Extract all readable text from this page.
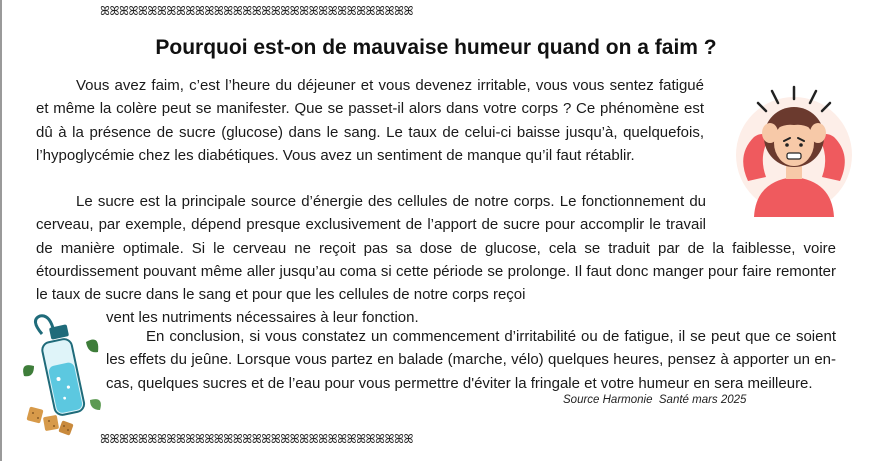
ꕤꕤꕤꕤꕤꕤꕤꕤꕤꕤꕤꕤꕤꕤꕤꕤꕤꕤꕤꕤꕤꕤꕤꕤꕤꕤꕤꕤꕤꕤꕤꕤꕤ
Pourquoi est-on de mauvaise humeur quand on a faim ?

Vous avez faim, c’est l’heure du déjeuner et vous devenez irritable, vous vous sentez fatigué et même la colère peut se manifester. Que se passet-il alors dans votre corps ? Ce phénomène est dû à la présence de sucre (glucose) dans le sang. Le taux de celui-ci baisse jusqu’à, quelquefois, l’hypoglycémie chez les diabétiques. Vous avez un sentiment de manque qu’il faut rétablir.

Le sucre est la principale source d’énergie des cellules de notre corps. Le fonctionnement du cerveau, par exemple, dépend presque exclusivement de l’apport de sucre pour accomplir le travail de manière optimale. Si le cerveau ne reçoit pas sa dose de glucose, cela se traduit par de la faiblesse, voire étourdissement pouvant même aller jusqu’au coma si cette période se prolonge. Il faut donc manger pour faire remonter le taux de sucre dans le sang et pour que les cellules de notre corps reçoi
vent les nutriments nécessaires à leur fonction.

En conclusion, si vous constatez un commencement d’irritabilité ou de fatigue, il se peut que ce soient les effets du jeûne. Lorsque vous partez en balade (marche, vélo) quelques heures, pensez à apporter un en-cas, quelques sucres et de l’eau pour vous permettre d'éviter la fringale et votre humeur en sera meilleure.

Source Harmonie  Santé mars 2025
ꕤꕤꕤꕤꕤꕤꕤꕤꕤꕤꕤꕤꕤꕤꕤꕤꕤꕤꕤꕤꕤꕤꕤꕤꕤꕤꕤꕤꕤꕤꕤꕤꕤ
